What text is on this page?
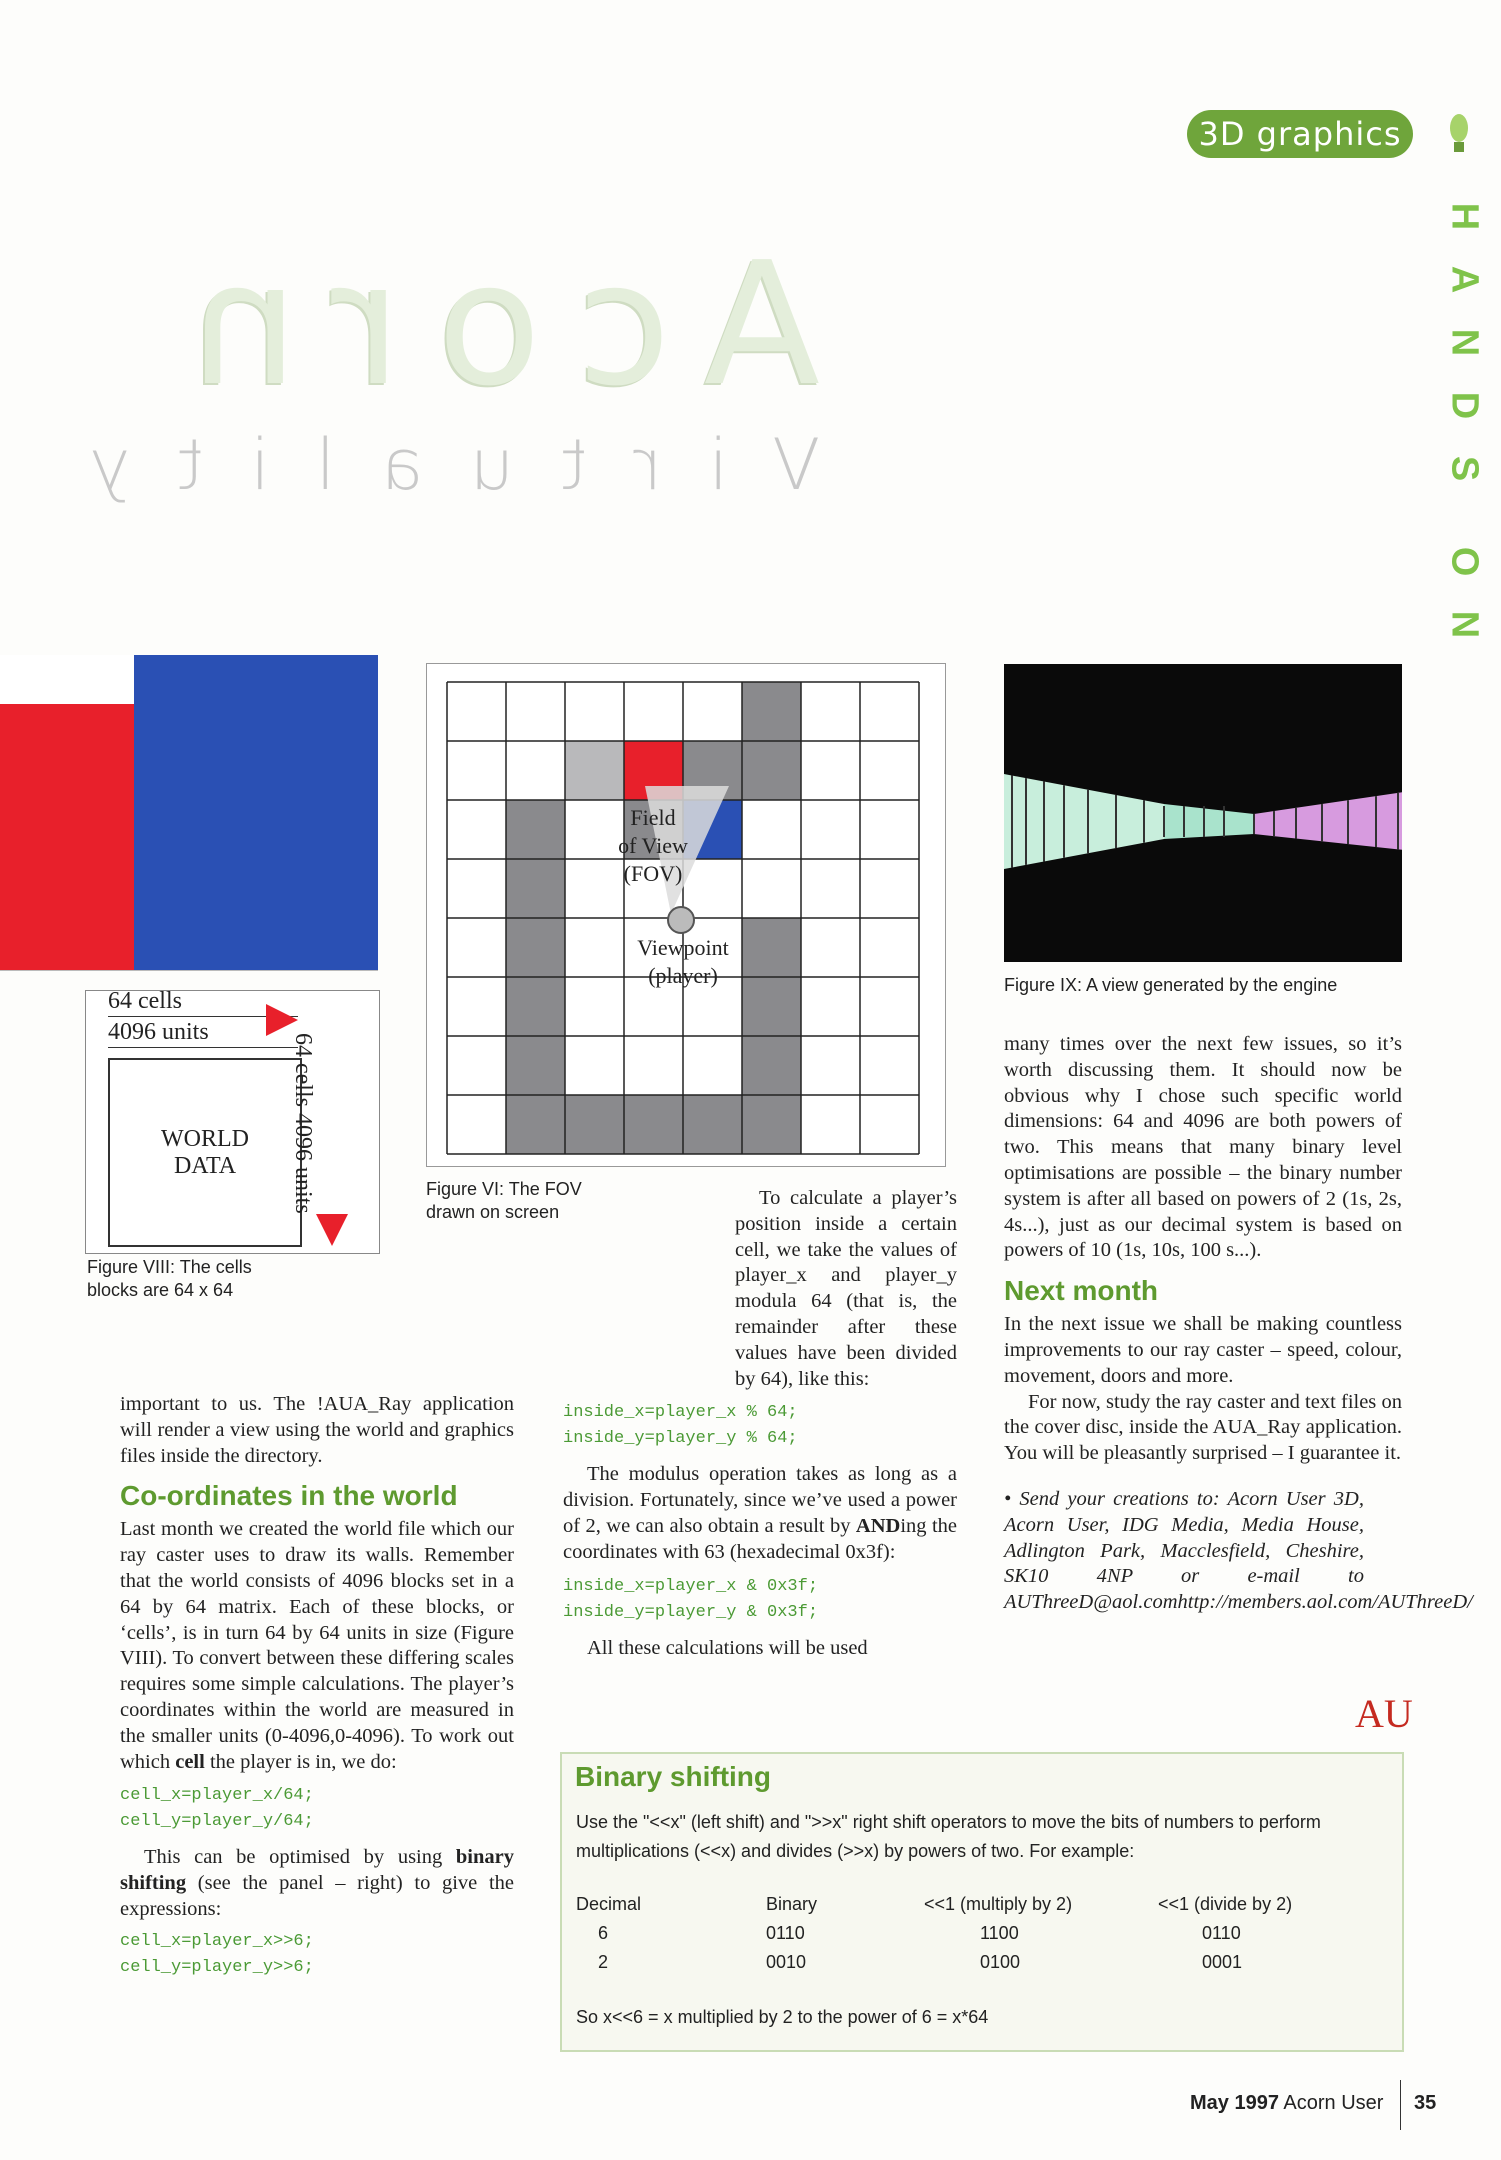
3D graphics
H
A
N
D
S
O
N
Acorn
Virtuality
64 cells
4096 units
WORLD
DATA	64 cells 4096 units
Figure VIII: The cells
blocks are 64 x 64
Field
of View
(FOV)
Viewpoint
(player)
Figure VI: The FOV
drawn on screen
Figure IX: A view generated by the engine

important to us. The !AUA_Ray application will render a view using the world and graphics files inside the directory.

Co-ordinates in the world

Last month we created the world file which our ray caster uses to draw its walls. Remember that the world consists of 4096 blocks set in a 64 by 64 matrix. Each of these blocks, or ‘cells’, is in turn 64 by 64 units in size (Figure VIII). To convert between these differing scales requires some simple calculations. The player’s coordinates within the world are measured in the smaller units (0-4096,0-4096). To work out which cell the player is in, we do:

cell_x=player_x/64;
cell_y=player_y/64;

This can be optimised by using binary shifting (see the panel – right) to give the expressions:

cell_x=player_x>>6;
cell_y=player_y>>6;

To calculate a player’s position inside a certain cell, we take the values of player_x and player_y modula 64 (that is, the remainder after these values have been divided by 64), like this:

inside_x=player_x % 64;
inside_y=player_y % 64;

The modulus operation takes as long as a division. Fortunately, since we’ve used a power of 2, we can also obtain a result by ANDing the coordinates with 63 (hexadecimal 0x3f):

inside_x=player_x & 0x3f;
inside_y=player_y & 0x3f;

All these calculations will be used

many times over the next few issues, so it’s worth discussing them. It should now be obvious why I chose such specific world dimensions: 64 and 4096 are both powers of two. This means that many binary level optimisations are possible – the binary number system is after all based on powers of 2 (1s, 2s, 4s...), just as our decimal system is based on powers of 10 (1s, 10s, 100 s...).

Next month

In the next issue we shall be making countless improvements to our ray caster – speed, colour, movement, doors and more.

For now, study the ray caster and text files on the cover disc, inside the AUA_Ray application. You will be pleasantly surprised – I guarantee it.

• Send your creations to: Acorn User 3D, Acorn User, IDG Media, Media House, Adlington Park, Macclesfield, Cheshire, SK10 4NP or e-mail to AUThreeD@aol.comhttp://members.aol.com/AUThreeD/

AU
Binary shifting
Use the "<<x" (left shift) and ">>x" right shift operators to move the bits of numbers to perform multiplications (<<x) and divides (>>x) by powers of two. For example:
Decimal	Binary	<<1 (multiply by 2)	<<1 (divide by 2)
6	0110	1100	0110
2	0010	0100	0001
So x<<6 = x multiplied by 2 to the power of 6 = x*64
May 1997 Acorn User 35
